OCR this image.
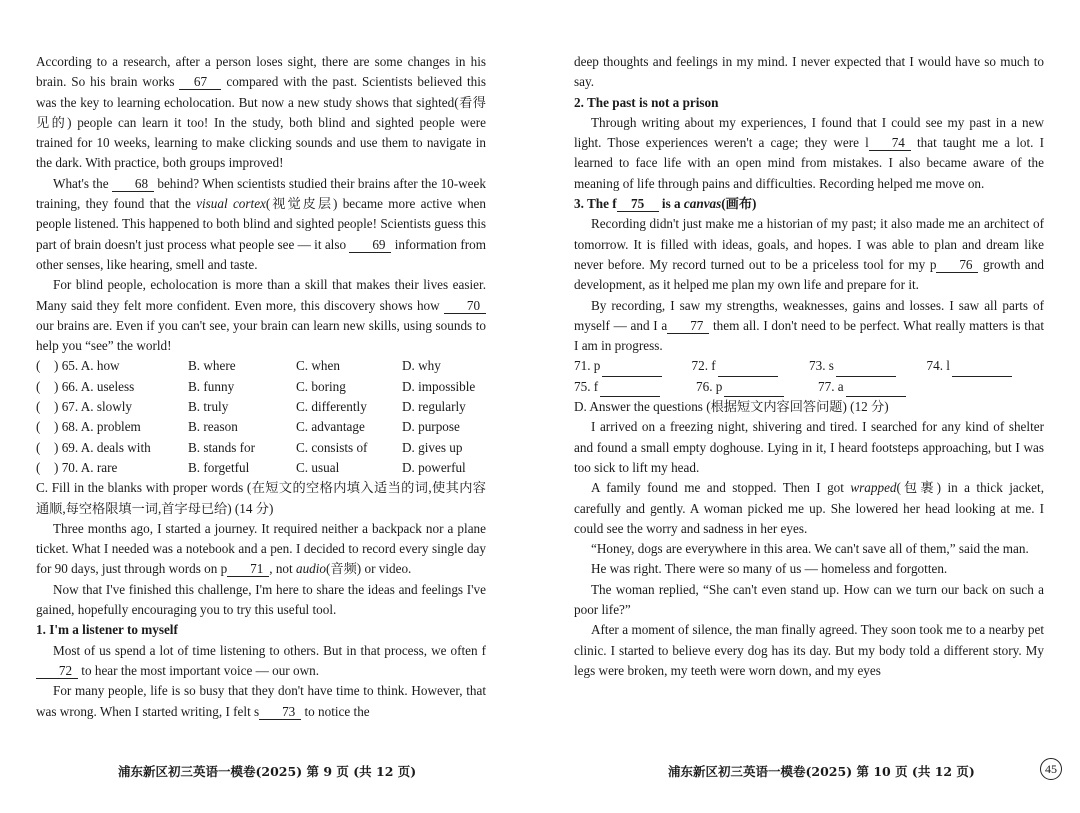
According to a research, after a person loses sight, there are some changes in his brain. So his brain works 67 compared with the past. Scientists believed this was the key to learning echolocation. But now a new study shows that sighted(看得见的) people can learn it too! In the study, both blind and sighted people were trained for 10 weeks, learning to make clicking sounds and use them to navigate in the dark. With practice, both groups improved!

What's the 68 behind? When scientists studied their brains after the 10-week training, they found that the visual cortex(视觉皮层) became more active when people listened. This happened to both blind and sighted people! Scientists guess this part of brain doesn't just process what people see — it also 69 information from other senses, like hearing, smell and taste.

For blind people, echolocation is more than a skill that makes their lives easier. Many said they felt more confident. Even more, this discovery shows how 70 our brains are. Even if you can't see, your brain can learn new skills, using sounds to help you “see” the world!

(	) 65. A. how	B. where	C. when	D. why
(	) 66. A. useless	B. funny	C. boring	D. impossible
(	) 67. A. slowly	B. truly	C. differently	D. regularly
(	) 68. A. problem	B. reason	C. advantage	D. purpose
(	) 69. A. deals with	B. stands for	C. consists of	D. gives up
(	) 70. A. rare	B. forgetful	C. usual	D. powerful

C. Fill in the blanks with proper words (在短文的空格内填入适当的词,使其内容通顺,每空格限填一词,首字母已给) (14 分)

Three months ago, I started a journey. It required neither a backpack nor a plane ticket. What I needed was a notebook and a pen. I decided to record every single day for 90 days, just through words on p 71 , not audio(音频) or video.

Now that I've finished this challenge, I'm here to share the ideas and feelings I've gained, hopefully encouraging you to try this useful tool.

1. I'm a listener to myself

Most of us spend a lot of time listening to others. But in that process, we often f72 to hear the most important voice — our own.

For many people, life is so busy that they don't have time to think. However, that was wrong. When I started writing, I felt s 73 to notice the

deep thoughts and feelings in my mind. I never expected that I would have so much to say.

2. The past is not a prison

Through writing about my experiences, I found that I could see my past in a new light. Those experiences weren't a cage; they were l 74 that taught me a lot. I learned to face life with an open mind from mistakes. I also became aware of the meaning of life through pains and difficulties. Recording helped me move on.

3. The f 75 is a canvas(画布)

Recording didn't just make me a historian of my past; it also made me an architect of tomorrow. It is filled with ideas, goals, and hopes. I was able to plan and dream like never before. My record turned out to be a priceless tool for my p 76 growth and development, as it helped me plan my own life and prepare for it.

By recording, I saw my strengths, weaknesses, gains and losses. I saw all parts of myself — and I a 77 them all. I don't need to be perfect. What really matters is that I am in progress.

71. p	72. f	73. s	74. l
75. f	76. p	77. a

D. Answer the questions (根据短文内容回答问题) (12 分)

I arrived on a freezing night, shivering and tired. I searched for any kind of shelter and found a small empty doghouse. Lying in it, I heard footsteps approaching, but I was too sick to lift my head.

A family found me and stopped. Then I got wrapped(包裹) in a thick jacket, carefully and gently. A woman picked me up. She lowered her head looking at me. I could see the worry and sadness in her eyes.

“Honey, dogs are everywhere in this area. We can't save all of them,” said the man.

He was right. There were so many of us — homeless and forgotten.

The woman replied, “She can't even stand up. How can we turn our back on such a poor life?”

After a moment of silence, the man finally agreed. They soon took me to a nearby pet clinic. I started to believe every dog has its day. But my body told a different story. My legs were broken, my teeth were worn down, and my eyes

浦东新区初三英语一模卷(2025) 第 9 页 (共 12 页)	浦东新区初三英语一模卷(2025) 第 10 页 (共 12 页)	45
